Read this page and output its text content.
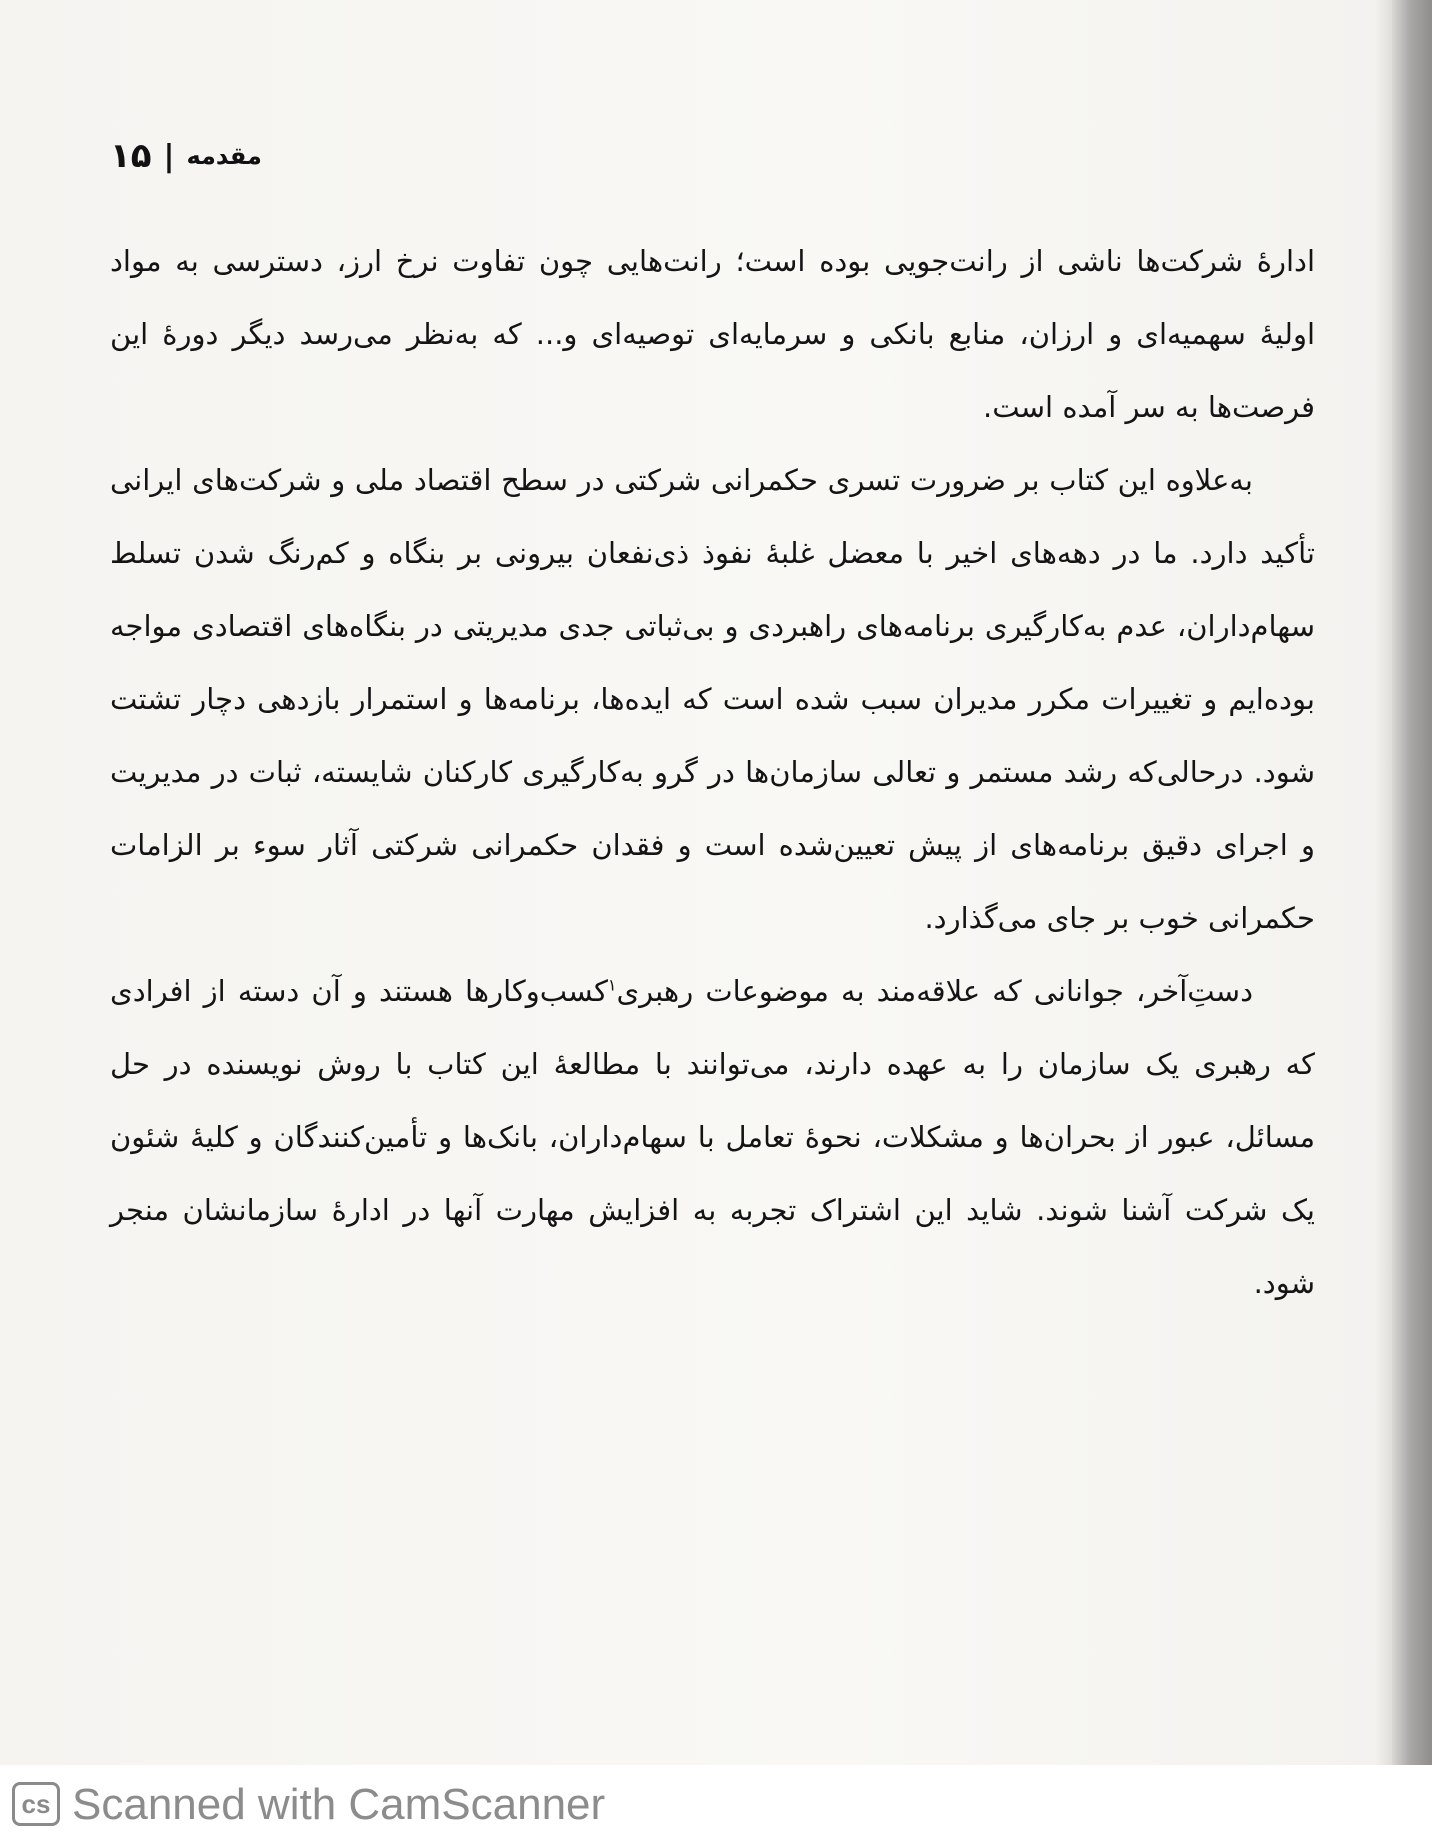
۱۵ | مقدمه

ادارهٔ شرکت‌ها ناشی از رانت‌جویی بوده است؛ رانت‌هایی چون تفاوت نرخ ارز، دسترسی به مواد اولیهٔ سهمیه‌ای و ارزان، منابع بانکی و سرمایه‌ای توصیه‌ای و... که به‌نظر می‌رسد دیگر دورهٔ این فرصت‌ها به سر آمده است.

به‌علاوه این کتاب بر ضرورت تسری حکمرانی شرکتی در سطح اقتصاد ملی و شرکت‌های ایرانی تأکید دارد. ما در دهه‌های اخیر با معضل غلبهٔ نفوذ ذی‌نفعان بیرونی بر بنگاه و کم‌رنگ شدن تسلط سهام‌داران، عدم به‌کارگیری برنامه‌های راهبردی و بی‌ثباتی جدی مدیریتی در بنگاه‌های اقتصادی مواجه بوده‌ایم و تغییرات مکرر مدیران سبب شده است که ایده‌ها، برنامه‌ها و استمرار بازدهی دچار تشتت شود. درحالی‌که رشد مستمر و تعالی سازمان‌ها در گرو به‌کارگیری کارکنان شایسته، ثبات در مدیریت و اجرای دقیق برنامه‌های از پیش تعیین‌شده است و فقدان حکمرانی شرکتی آثار سوء بر الزامات حکمرانی خوب بر جای می‌گذارد.

دستِ‌آخر، جوانانی که علاقه‌مند به موضوعات رهبری$^۱$کسب‌وکارها هستند و آن دسته از افرادی که رهبری یک سازمان را به عهده دارند، می‌توانند با مطالعهٔ این کتاب با روش نویسنده در حل مسائل، عبور از بحران‌ها و مشکلات، نحوهٔ تعامل با سهام‌داران، بانک‌ها و تأمین‌کنندگان و کلیهٔ شئون یک شرکت آشنا شوند. شاید این اشتراک تجربه به افزایش مهارت آنها در ادارهٔ سازمانشان منجر شود.

cs Scanned with CamScanner
